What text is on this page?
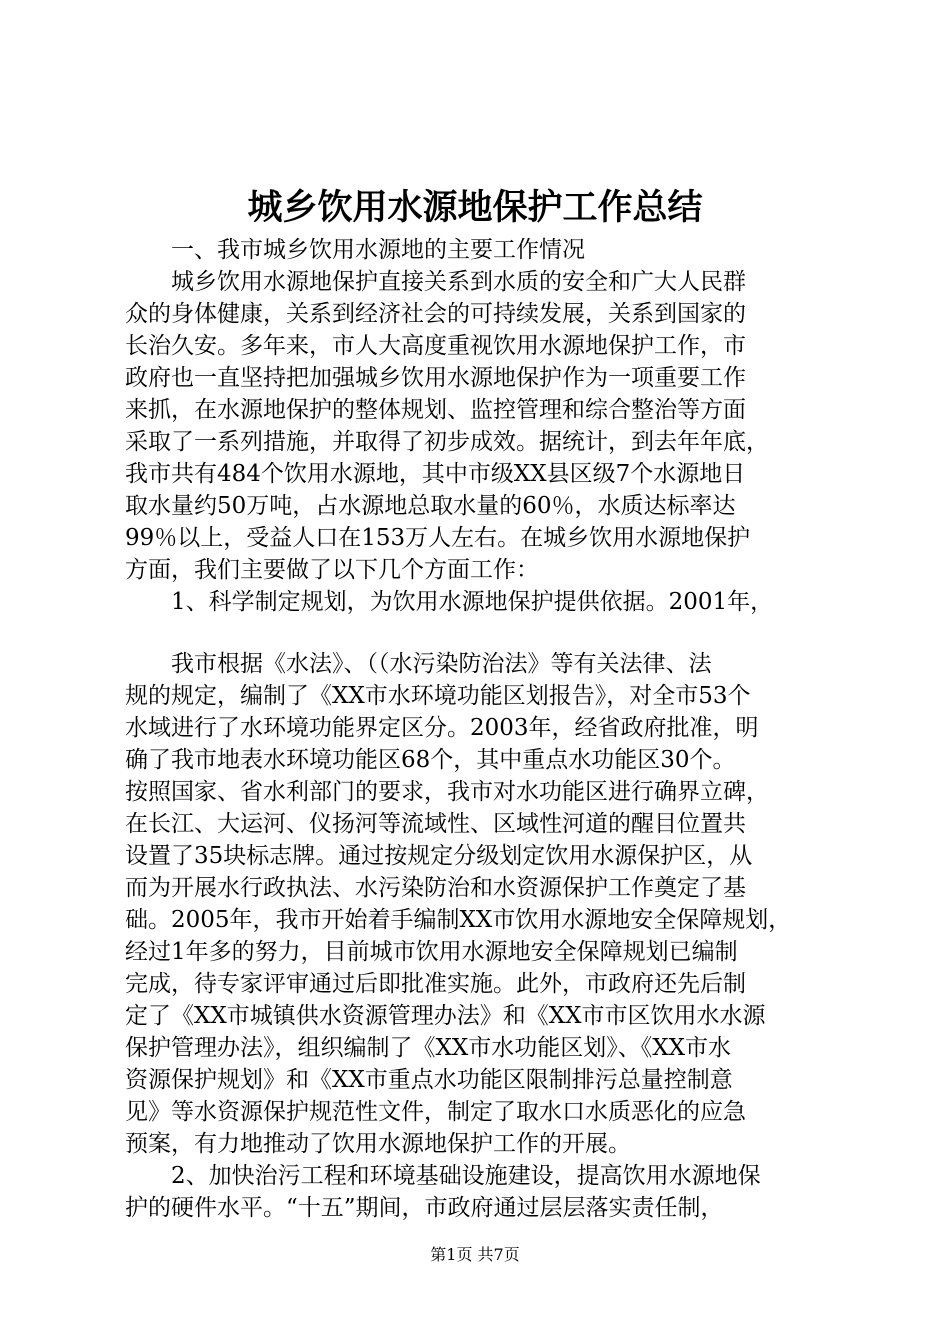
城乡饮用水源地保护工作总结
　　一、我市城乡饮用水源地的主要工作情况
　　城乡饮用水源地保护直接关系到水质的安全和广大人民群
众的身体健康，关系到经济社会的可持续发展，关系到国家的
长治久安。多年来，市人大高度重视饮用水源地保护工作，市
政府也一直坚持把加强城乡饮用水源地保护作为一项重要工作
来抓，在水源地保护的整体规划、监控管理和综合整治等方面
采取了一系列措施，并取得了初步成效。据统计，到去年年底，
我市共有484个饮用水源地，其中市级XX县区级7个水源地日
取水量约50万吨，占水源地总取水量的60％，水质达标率达
99％以上，受益人口在153万人左右。在城乡饮用水源地保护
方面，我们主要做了以下几个方面工作：
　　1、科学制定规划，为饮用水源地保护提供依据。2001年，
　　我市根据《水法》、（（水污染防治法》等有关法律、法
规的规定，编制了《XX市水环境功能区划报告》，对全市53个
水域进行了水环境功能界定区分。2003年，经省政府批准，明
确了我市地表水环境功能区68个，其中重点水功能区30个。
按照国家、省水利部门的要求，我市对水功能区进行确界立碑，
在长江、大运河、仪扬河等流域性、区域性河道的醒目位置共
设置了35块标志牌。通过按规定分级划定饮用水源保护区，从
而为开展水行政执法、水污染防治和水资源保护工作奠定了基
础。2005年，我市开始着手编制XX市饮用水源地安全保障规划，
经过1年多的努力，目前城市饮用水源地安全保障规划已编制
完成，待专家评审通过后即批准实施。此外，市政府还先后制
定了《XX市城镇供水资源管理办法》和《XX市市区饮用水水源
保护管理办法》，组织编制了《XX市水功能区划》、《XX市水
资源保护规划》和《XX市重点水功能区限制排污总量控制意
见》等水资源保护规范性文件，制定了取水口水质恶化的应急
预案，有力地推动了饮用水源地保护工作的开展。
　　2、加快治污工程和环境基础设施建设，提高饮用水源地保
护的硬件水平。“十五”期间，市政府通过层层落实责任制，
第1页 共7页
